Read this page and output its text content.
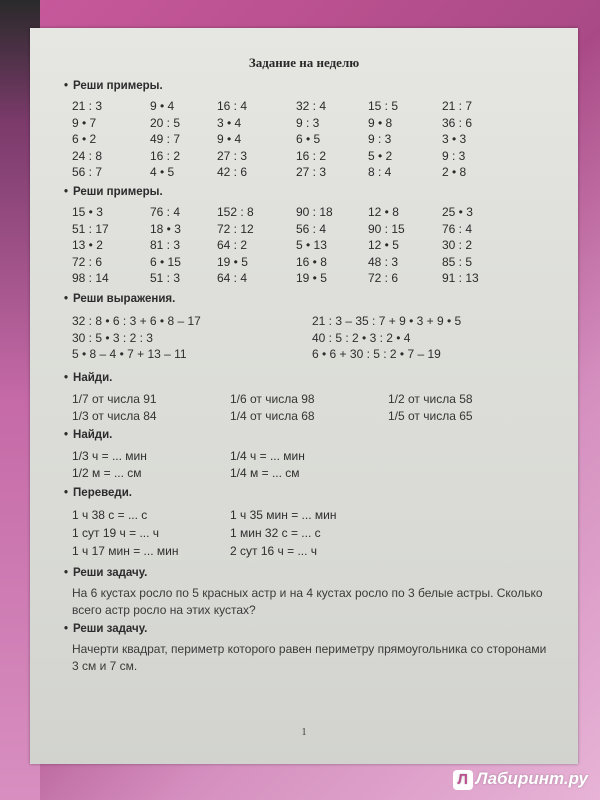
Задание на неделю
• Реши примеры.
21 : 3	9 • 4	16 : 4	32 : 4	15 : 5	21 : 7
9 • 7	20 : 5	3 • 4	9 : 3	9 • 8	36 : 6
6 • 2	49 : 7	9 • 4	6 • 5	9 : 3	3 • 3
24 : 8	16 : 2	27 : 3	16 : 2	5 • 2	9 : 3
56 : 7	4 • 5	42 : 6	27 : 3	8 : 4	2 • 8
• Реши примеры.
15 • 3	76 : 4	152 : 8	90 : 18	12 • 8	25 • 3
51 : 17	18 • 3	72 : 12	56 : 4	90 : 15	76 : 4
13 • 2	81 : 3	64 : 2	5 • 13	12 • 5	30 : 2
72 : 6	6 • 15	19 • 5	16 • 8	48 : 3	85 : 5
98 : 14	51 : 3	64 : 4	19 • 5	72 : 6	91 : 13
• Реши выражения.
32 : 8 • 6 : 3 + 6 • 8 – 17	21 : 3 – 35 : 7 + 9 • 3 + 9 • 5
30 : 5 • 3 : 2 : 3	40 : 5 : 2 • 3 : 2 • 4
5 • 8 – 4 • 7 + 13 – 11	6 • 6 + 30 : 5 : 2 • 7 – 19
• Найди.
1/7 от числа 91	1/6 от числа 98	1/2 от числа 58
1/3 от числа 84	1/4 от числа 68	1/5 от числа 65
• Найди.
1/3 ч = ... мин	1/4 ч = ... мин
1/2 м = ... см	1/4 м = ... см
• Переведи.
1 ч 38 с = ... с	1 ч 35 мин = ... мин
1 сут 19 ч = ... ч	1 мин 32 с = ... с
1 ч 17 мин = ... мин	2 сут 16 ч = ... ч
• Реши задачу.
На 6 кустах росло по 5 красных астр и на 4 кустах росло по 3 белые астры. Сколько всего астр росло на этих кустах?
• Реши задачу.
Начерти квадрат, периметр которого равен периметру прямоугольника со сторонами 3 см и 7 см.
1
Л Лабиринт.ру
